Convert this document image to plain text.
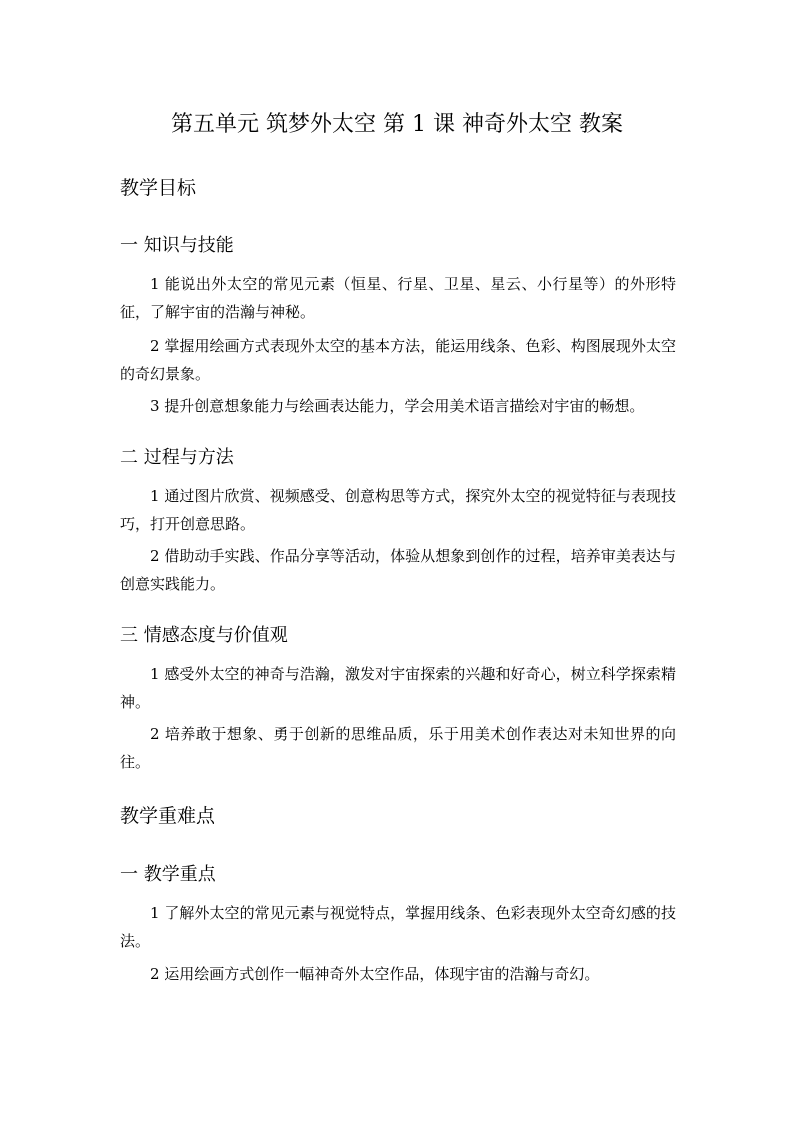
第五单元 筑梦外太空 第 1 课 神奇外太空 教案
教学目标
一 知识与技能

1 能说出外太空的常见元素（恒星、行星、卫星、星云、小行星等）的外形特征，了解宇宙的浩瀚与神秘。

2 掌握用绘画方式表现外太空的基本方法，能运用线条、色彩、构图展现外太空的奇幻景象。

3 提升创意想象能力与绘画表达能力，学会用美术语言描绘对宇宙的畅想。

二 过程与方法

1 通过图片欣赏、视频感受、创意构思等方式，探究外太空的视觉特征与表现技巧，打开创意思路。

2 借助动手实践、作品分享等活动，体验从想象到创作的过程，培养审美表达与创意实践能力。

三 情感态度与价值观

1 感受外太空的神奇与浩瀚，激发对宇宙探索的兴趣和好奇心，树立科学探索精神。

2 培养敢于想象、勇于创新的思维品质，乐于用美术创作表达对未知世界的向往。

教学重难点
一 教学重点

1 了解外太空的常见元素与视觉特点，掌握用线条、色彩表现外太空奇幻感的技法。

2 运用绘画方式创作一幅神奇外太空作品，体现宇宙的浩瀚与奇幻。
